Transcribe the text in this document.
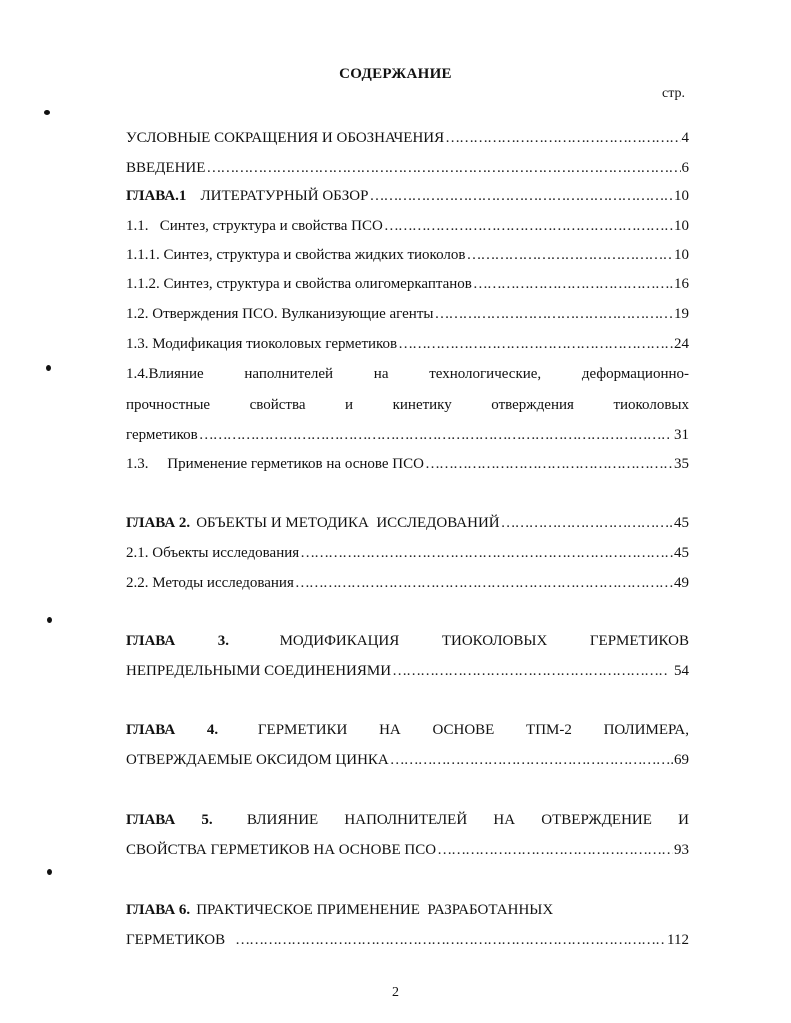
СОДЕРЖАНИЕ
стр.
УСЛОВНЫЕ СОКРАЩЕНИЯ И ОБОЗНАЧЕНИЯ …………………………………………………………………………………………………………………………………………	4
ВВЕДЕНИЕ …………………………………………………………………………………………………………………………………………	6
ГЛАВА.1 ЛИТЕРАТУРНЫЙ ОБЗОР …………………………………………………………………………………………………………………………………………	10
1.1.   Синтез, структура и свойства ПСО …………………………………………………………………………………………………………………………………………	10
1.1.1. Синтез, структура и свойства жидких тиоколов …………………………………………………………………………………………………………………………………………	10
1.1.2. Синтез, структура и свойства олигомеркаптанов …………………………………………………………………………………………………………………………………………	16
1.2. Отверждения ПСО. Вулканизующие агенты …………………………………………………………………………………………………………………………………………	19
1.3. Модификация тиоколовых герметиков …………………………………………………………………………………………………………………………………………	24
1.4.Влияние наполнителей на технологические, деформационно-
прочностные свойства и кинетику отверждения тиоколовых
герметиков …………………………………………………………………………………………………………………………………………	31
1.3.     Применение герметиков на основе ПСО …………………………………………………………………………………………………………………………………………	35
ГЛАВА 2. ОБЪЕКТЫ И МЕТОДИКА  ИССЛЕДОВАНИЙ …………………………………………………………………………………………………………………………………………	45
2.1. Объекты исследования …………………………………………………………………………………………………………………………………………	45
2.2. Методы исследования …………………………………………………………………………………………………………………………………………	49
ГЛАВА 3.	МОДИФИКАЦИЯ ТИОКОЛОВЫХ ГЕРМЕТИКОВ
НЕПРЕДЕЛЬНЫМИ СОЕДИНЕНИЯМИ …………………………………………………………………………………………………………………………………………	54
ГЛАВА 4.	ГЕРМЕТИКИ НА ОСНОВЕ ТПМ-2 ПОЛИМЕРА,
ОТВЕРЖДАЕМЫЕ ОКСИДОМ ЦИНКА …………………………………………………………………………………………………………………………………………	69
ГЛАВА 5. ВЛИЯНИЕ НАПОЛНИТЕЛЕЙ НА ОТВЕРЖДЕНИЕ И
СВОЙСТВА ГЕРМЕТИКОВ НА ОСНОВЕ ПСО …………………………………………………………………………………………………………………………………………	93
ГЛАВА 6. ПРАКТИЧЕСКОЕ ПРИМЕНЕНИЕ  РАЗРАБОТАННЫХ
ГЕРМЕТИКОВ …………………………………………………………………………………………………………………………………………	112
2
